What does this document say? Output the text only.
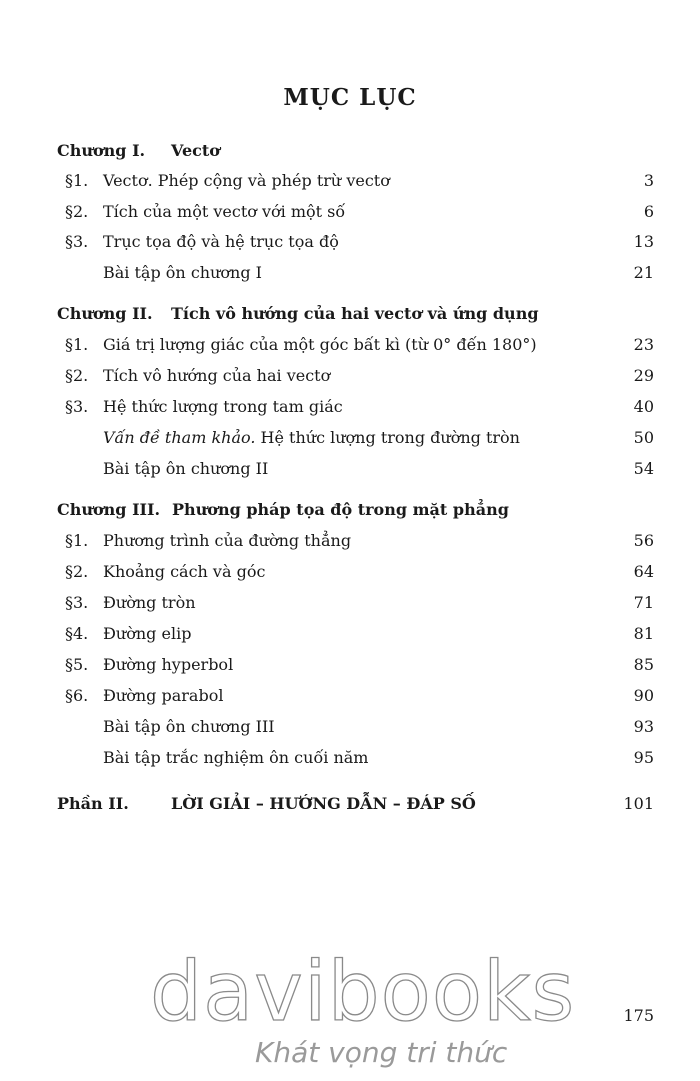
MỤC LỤC
Chương I. Vectơ
§1. Vectơ. Phép cộng và phép trừ vectơ	3
§2. Tích của một vectơ với một số	6
§3. Trục tọa độ và hệ trục tọa độ	13
Bài tập ôn chương I	21
Chương II. Tích vô hướng của hai vectơ và ứng dụng
§1. Giá trị lượng giác của một góc bất kì (từ 0° đến 180°)	23
§2. Tích vô hướng của hai vectơ	29
§3. Hệ thức lượng trong tam giác	40
Vấn đề tham khảo. Hệ thức lượng trong đường tròn	50
Bài tập ôn chương II	54
Chương III. Phương pháp tọa độ trong mặt phẳng
§1. Phương trình của đường thẳng	56
§2. Khoảng cách và góc	64
§3. Đường tròn	71
§4. Đường elip	81
§5. Đường hyperbol	85
§6. Đường parabol	90
Bài tập ôn chương III	93
Bài tập trắc nghiệm ôn cuối năm	95
Phần II.	LỜI GIẢI – HƯỚNG DẪN – ĐÁP SỐ	101
davibooks
Khát vọng tri thức
175
